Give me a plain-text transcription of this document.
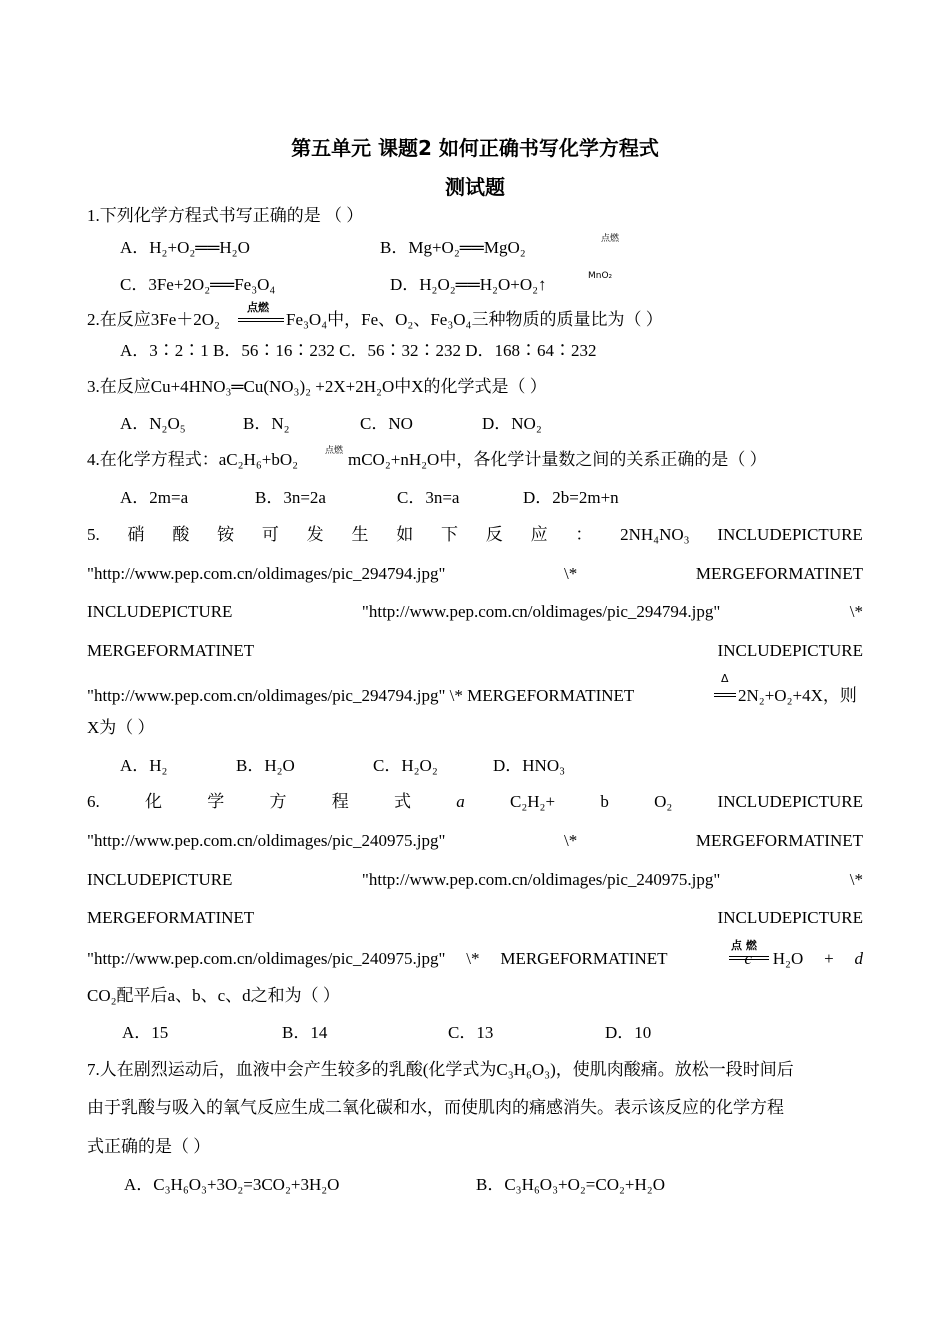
第五单元 课题2 如何正确书写化学方程式
测试题
1.下列化学方程式书写正确的是 （ ）
A．H₂+O₂══H₂O	B．Mg+O₂══MgO₂	点燃
C．3Fe+2O₂══Fe₃O₄	D．H₂O₂══H₂O+O₂↑	MnO₂
2.在反应3Fe＋2O₂
点燃
Fe₃O₄中，Fe、O₂、Fe₃O₄三种物质的质量比为（ ）
A．3∶2∶1 B．56∶16∶232 C．56∶32∶232 D．168∶64∶232
3.在反应Cu+4HNO₃═Cu(NO₃)₂ +2X+2H₂O中X的化学式是（ ）
A．N₂O₅	B．N₂	C．NO	D．NO₂
4.在化学方程式：aC₂H₆+bO₂	点燃 mCO₂+nH₂O中，各化学计量数之间的关系正确的是（ ）
A．2m=a	B．3n=2a	C．3n=a	D．2b=2m+n
5. 硝 酸 铵 可 发 生 如 下 反 应 ： 2NH₄NO₃ INCLUDEPICTURE
"http://www.pep.com.cn/oldimages/pic_294794.jpg"	\*	MERGEFORMATINET
INCLUDEPICTURE	"http://www.pep.com.cn/oldimages/pic_294794.jpg"	\*
MERGEFORMATINET	INCLUDEPICTURE
"http://www.pep.com.cn/oldimages/pic_294794.jpg" \* MERGEFORMATINET
Δ
2N₂+O₂+4X，则
X为（ ）
A．H₂	B．H₂O	C．H₂O₂	D．HNO₃
6.	化	学	方	程	式	a	C₂H₂+	b	O₂	INCLUDEPICTURE
"http://www.pep.com.cn/oldimages/pic_240975.jpg"	\*	MERGEFORMATINET
INCLUDEPICTURE	"http://www.pep.com.cn/oldimages/pic_240975.jpg"	\*
MERGEFORMATINET	INCLUDEPICTURE
点 燃
"http://www.pep.com.cn/oldimages/pic_240975.jpg" \* MERGEFORMATINET	c H₂O + d
CO₂配平后a、b、c、d之和为（ ）
A．15	B．14	C．13	D．10
7.人在剧烈运动后，血液中会产生较多的乳酸(化学式为C₃H₆O₃)，使肌肉酸痛。放松一段时间后
由于乳酸与吸入的氧气反应生成二氧化碳和水，而使肌肉的痛感消失。表示该反应的化学方程
式正确的是（ ）
A．C₃H₆O₃+3O₂=3CO₂+3H₂O	B．C₃H₆O₃+O₂=CO₂+H₂O
